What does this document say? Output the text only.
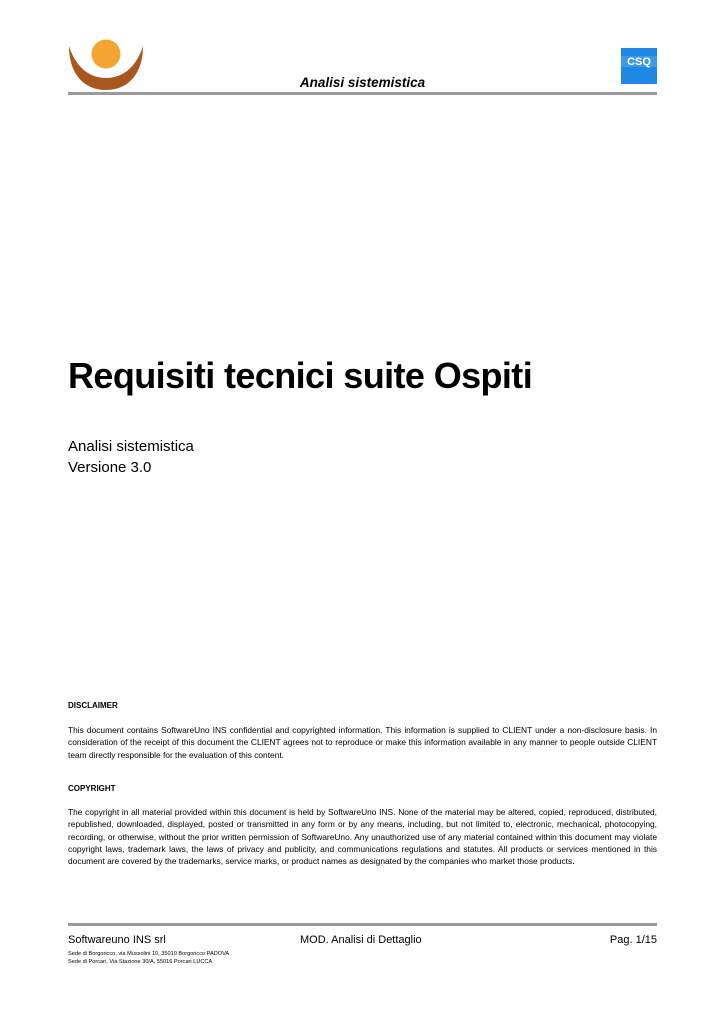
Analisi sistemistica
CSQ
Requisiti tecnici suite Ospiti
Analisi sistemistica
Versione 3.0
DISCLAIMER
This document contains SoftwareUno INS confidential and copyrighted information. This information is supplied to CLIENT under a non-disclosure basis. In consideration of the receipt of this document the CLIENT agrees not to reproduce or make this information available in any manner to people outside CLIENT team directly responsible for the evaluation of this content.
COPYRIGHT
The copyright in all material provided within this document is held by SoftwareUno INS. None of the material may be altered, copied, reproduced, distributed, republished, downloaded, displayed, posted or transmitted in any form or by any means, including, but not limited to, electronic, mechanical, photocopying, recording, or otherwise, without the prior written permission of SoftwareUno. Any unauthorized use of any material contained within this document may violate copyright laws, trademark laws, the laws of privacy and publicity, and communications regulations and statutes. All products or services mentioned in this document are covered by the trademarks, service marks, or product names as designated by the companies who market those products.
Softwareuno INS srl	MOD. Analisi di Dettaglio	Pag. 1/15
Sede di Borgoricco, via Mussolini 10, 35010 Borgoricco PADOVA
Sede di Porcari, Via Stazione 30/A, 55016 Porcari LUCCA
